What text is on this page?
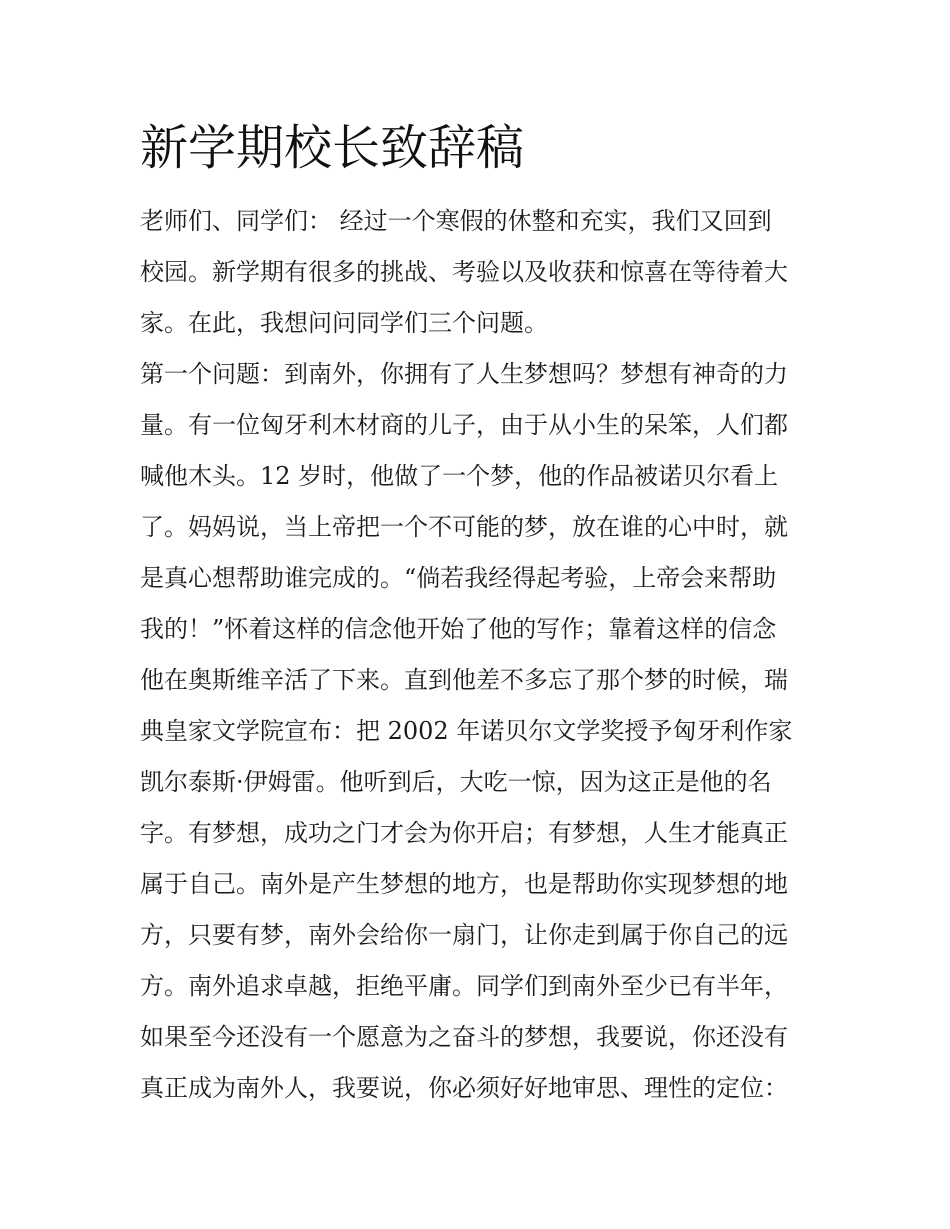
新学期校长致辞稿

老师们、同学们： 经过一个寒假的休整和充实，我们又回到

校园。新学期有很多的挑战、考验以及收获和惊喜在等待着大

家。在此，我想问问同学们三个问题。

第一个问题：到南外，你拥有了人生梦想吗？梦想有神奇的力

量。有一位匈牙利木材商的儿子，由于从小生的呆笨，人们都

喊他木头。12 岁时，他做了一个梦，他的作品被诺贝尔看上

了。妈妈说，当上帝把一个不可能的梦，放在谁的心中时，就

是真心想帮助谁完成的。“倘若我经得起考验，上帝会来帮助

我的！”怀着这样的信念他开始了他的写作；靠着这样的信念

他在奥斯维辛活了下来。直到他差不多忘了那个梦的时候，瑞

典皇家文学院宣布：把 2002 年诺贝尔文学奖授予匈牙利作家

凯尔泰斯·伊姆雷。他听到后，大吃一惊，因为这正是他的名

字。有梦想，成功之门才会为你开启；有梦想，人生才能真正

属于自己。南外是产生梦想的地方，也是帮助你实现梦想的地

方，只要有梦，南外会给你一扇门，让你走到属于你自己的远

方。南外追求卓越，拒绝平庸。同学们到南外至少已有半年，

如果至今还没有一个愿意为之奋斗的梦想，我要说，你还没有

真正成为南外人，我要说，你必须好好地审思、理性的定位：
